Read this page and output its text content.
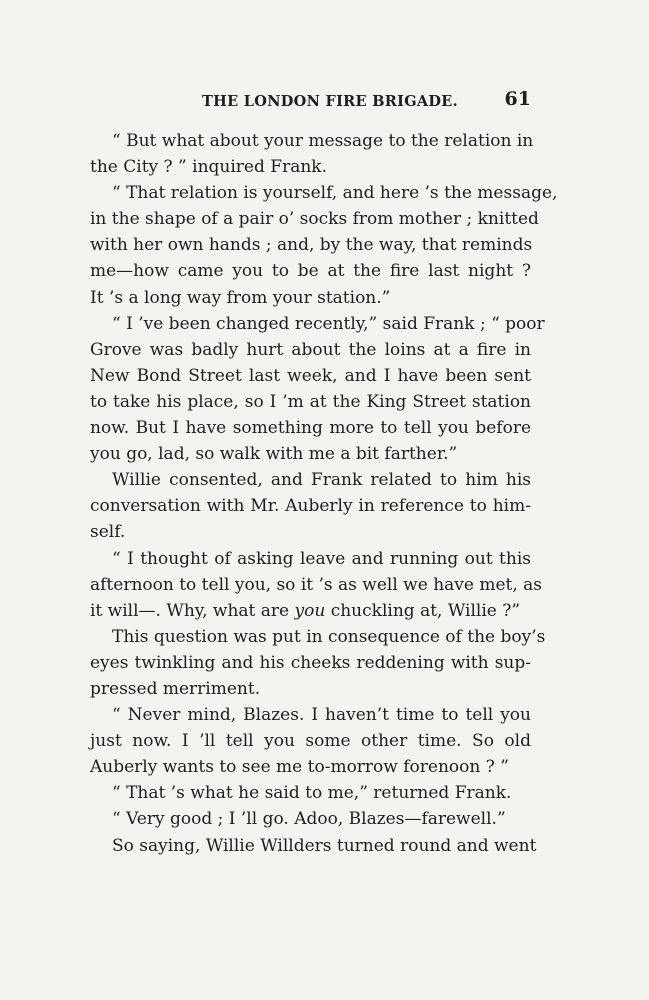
THE LONDON FIRE BRIGADE. 61
“ But what about your message to the relation in
the City ? ” inquired Frank.
“ That relation is yourself, and here ’s the message,
in the shape of a pair o’ socks from mother ; knitted
with her own hands ; and, by the way, that reminds
me—how came you to be at the fire last night ?
It ’s a long way from your station.”
“ I ’ve been changed recently,” said Frank ; “ poor
Grove was badly hurt about the loins at a fire in
New Bond Street last week, and I have been sent
to take his place, so I ’m at the King Street station
now. But I have something more to tell you before
you go, lad, so walk with me a bit farther.”
Willie consented, and Frank related to him his
conversation with Mr. Auberly in reference to him-
self.
“ I thought of asking leave and running out this
afternoon to tell you, so it ’s as well we have met, as
it will—. Why, what are you chuckling at, Willie ?”
This question was put in consequence of the boy’s
eyes twinkling and his cheeks reddening with sup-
pressed merriment.
“ Never mind, Blazes. I haven’t time to tell you
just now. I ’ll tell you some other time. So old
Auberly wants to see me to-morrow forenoon ? ”
“ That ’s what he said to me,” returned Frank.
“ Very good ; I ’ll go. Adoo, Blazes—farewell.”
So saying, Willie Willders turned round and went
